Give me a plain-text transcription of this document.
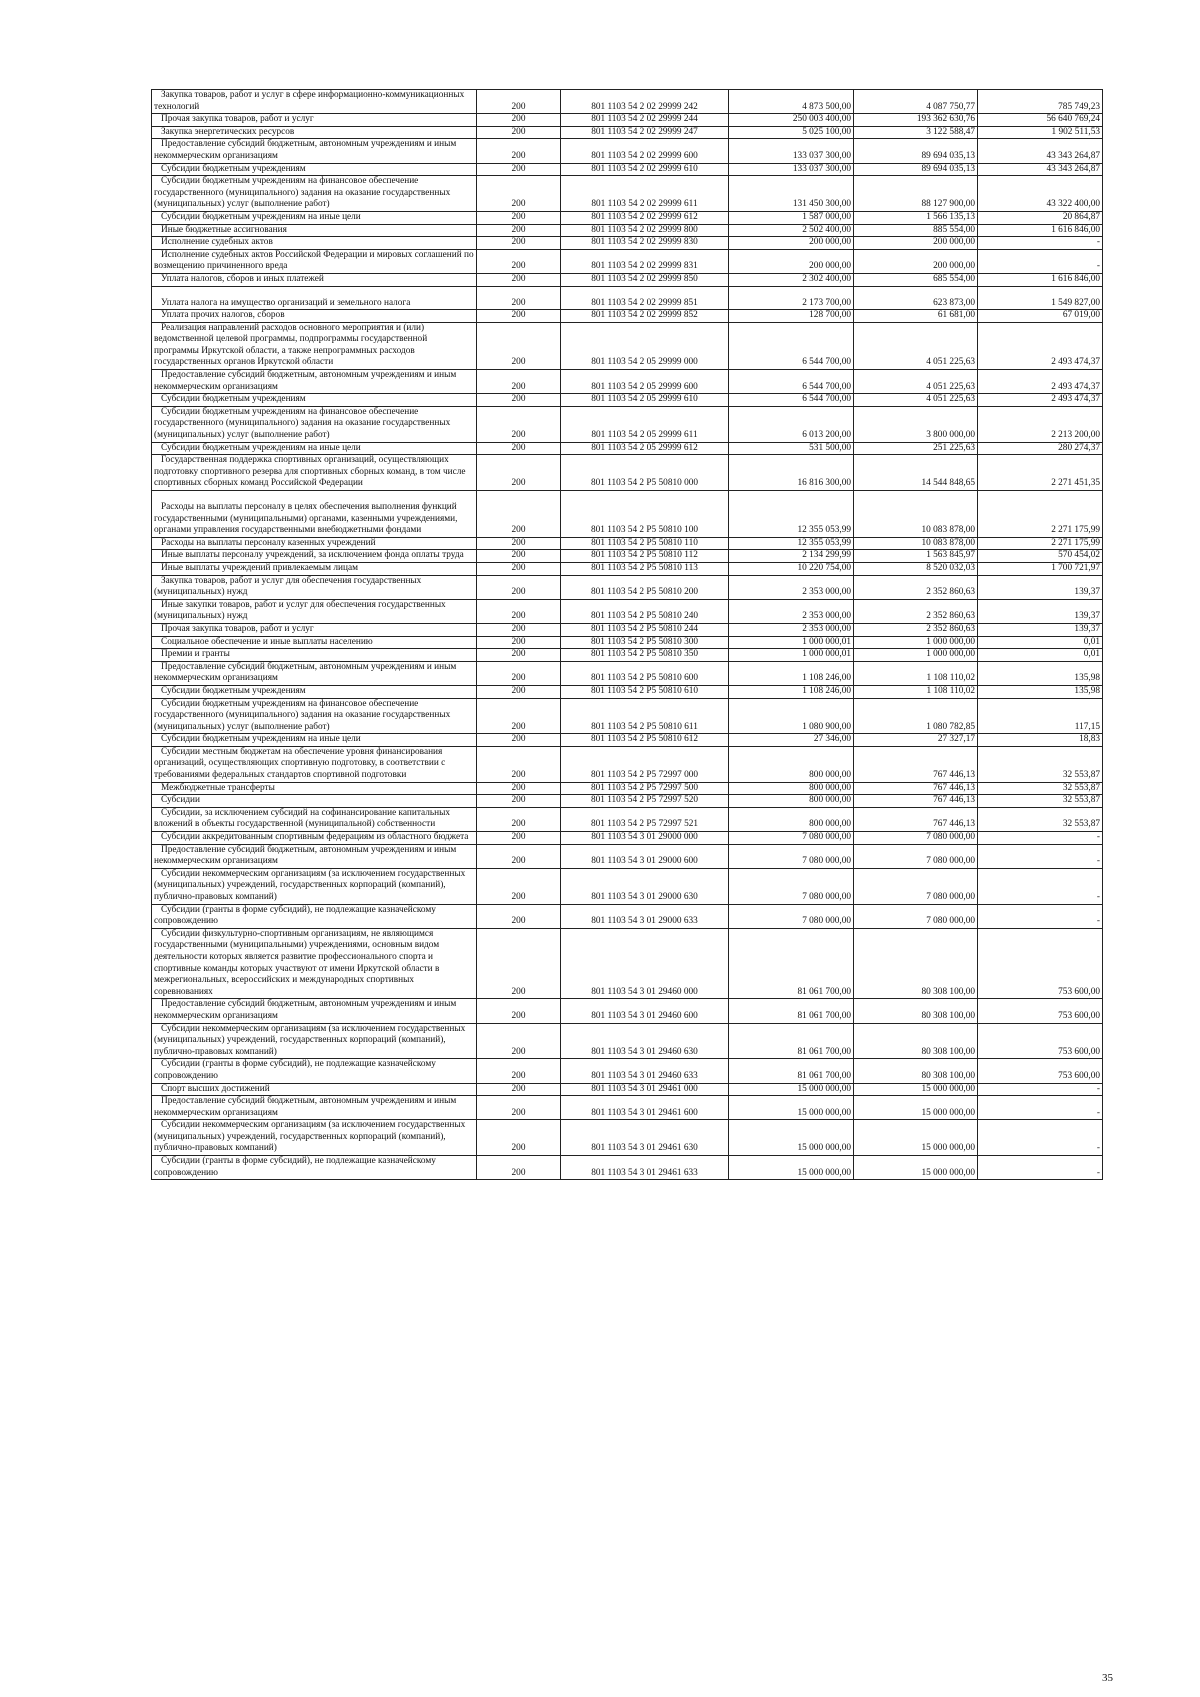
Закупка товаров, работ и услуг в сфере информационно-коммуникационных технологий	200	801 1103 54 2 02 29999 242	4 873 500,00	4 087 750,77	785 749,23

Прочая закупка товаров, работ и услуг	200	801 1103 54 2 02 29999 244	250 003 400,00	193 362 630,76	56 640 769,24

Закупка энергетических ресурсов	200	801 1103 54 2 02 29999 247	5 025 100,00	3 122 588,47	1 902 511,53

Предоставление субсидий бюджетным, автономным учреждениям и иным некоммерческим организациям	200	801 1103 54 2 02 29999 600	133 037 300,00	89 694 035,13	43 343 264,87

Субсидии бюджетным учреждениям	200	801 1103 54 2 02 29999 610	133 037 300,00	89 694 035,13	43 343 264,87

Субсидии бюджетным учреждениям на финансовое обеспечение государственного (муниципального) задания на оказание государственных (муниципальных) услуг (выполнение работ)	200	801 1103 54 2 02 29999 611	131 450 300,00	88 127 900,00	43 322 400,00

Субсидии бюджетным учреждениям на иные цели	200	801 1103 54 2 02 29999 612	1 587 000,00	1 566 135,13	20 864,87

Иные бюджетные ассигнования	200	801 1103 54 2 02 29999 800	2 502 400,00	885 554,00	1 616 846,00

Исполнение судебных актов	200	801 1103 54 2 02 29999 830	200 000,00	200 000,00	-

Исполнение судебных актов Российской Федерации и мировых соглашений по возмещению причиненного вреда	200	801 1103 54 2 02 29999 831	200 000,00	200 000,00	-

Уплата налогов, сборов и иных платежей	200	801 1103 54 2 02 29999 850	2 302 400,00	685 554,00	1 616 846,00

Уплата налога на имущество организаций и земельного налога	200	801 1103 54 2 02 29999 851	2 173 700,00	623 873,00	1 549 827,00

Уплата прочих налогов, сборов	200	801 1103 54 2 02 29999 852	128 700,00	61 681,00	67 019,00

Реализация направлений расходов основного мероприятия и (или) ведомственной целевой программы, подпрограммы государственной программы Иркутской области, а также непрограммных расходов государственных органов Иркутской области	200	801 1103 54 2 05 29999 000	6 544 700,00	4 051 225,63	2 493 474,37

Предоставление субсидий бюджетным, автономным учреждениям и иным некоммерческим организациям	200	801 1103 54 2 05 29999 600	6 544 700,00	4 051 225,63	2 493 474,37

Субсидии бюджетным учреждениям	200	801 1103 54 2 05 29999 610	6 544 700,00	4 051 225,63	2 493 474,37

Субсидии бюджетным учреждениям на финансовое обеспечение государственного (муниципального) задания на оказание государственных (муниципальных) услуг (выполнение работ)	200	801 1103 54 2 05 29999 611	6 013 200,00	3 800 000,00	2 213 200,00

Субсидии бюджетным учреждениям на иные цели	200	801 1103 54 2 05 29999 612	531 500,00	251 225,63	280 274,37

Государственная поддержка спортивных организаций, осуществляющих подготовку спортивного резерва для спортивных сборных команд, в том числе спортивных сборных команд Российской Федерации	200	801 1103 54 2 P5 50810 000	16 816 300,00	14 544 848,65	2 271 451,35

Расходы на выплаты персоналу в целях обеспечения выполнения функций государственными (муниципальными) органами, казенными учреждениями, органами управления государственными внебюджетными фондами	200	801 1103 54 2 P5 50810 100	12 355 053,99	10 083 878,00	2 271 175,99

Расходы на выплаты персоналу казенных учреждений	200	801 1103 54 2 P5 50810 110	12 355 053,99	10 083 878,00	2 271 175,99

Иные выплаты персоналу учреждений, за исключением фонда оплаты труда	200	801 1103 54 2 P5 50810 112	2 134 299,99	1 563 845,97	570 454,02

Иные выплаты учреждений привлекаемым лицам	200	801 1103 54 2 P5 50810 113	10 220 754,00	8 520 032,03	1 700 721,97

Закупка товаров, работ и услуг для обеспечения государственных (муниципальных) нужд	200	801 1103 54 2 P5 50810 200	2 353 000,00	2 352 860,63	139,37

Иные закупки товаров, работ и услуг для обеспечения государственных (муниципальных) нужд	200	801 1103 54 2 P5 50810 240	2 353 000,00	2 352 860,63	139,37

Прочая закупка товаров, работ и услуг	200	801 1103 54 2 P5 50810 244	2 353 000,00	2 352 860,63	139,37

Социальное обеспечение и иные выплаты населению	200	801 1103 54 2 P5 50810 300	1 000 000,01	1 000 000,00	0,01

Премии и гранты	200	801 1103 54 2 P5 50810 350	1 000 000,01	1 000 000,00	0,01

Предоставление субсидий бюджетным, автономным учреждениям и иным некоммерческим организациям	200	801 1103 54 2 P5 50810 600	1 108 246,00	1 108 110,02	135,98

Субсидии бюджетным учреждениям	200	801 1103 54 2 P5 50810 610	1 108 246,00	1 108 110,02	135,98

Субсидии бюджетным учреждениям на финансовое обеспечение государственного (муниципального) задания на оказание государственных (муниципальных) услуг (выполнение работ)	200	801 1103 54 2 P5 50810 611	1 080 900,00	1 080 782,85	117,15

Субсидии бюджетным учреждениям на иные цели	200	801 1103 54 2 P5 50810 612	27 346,00	27 327,17	18,83

Субсидии местным бюджетам на обеспечение уровня финансирования организаций, осуществляющих спортивную подготовку, в соответствии с требованиями федеральных стандартов спортивной подготовки	200	801 1103 54 2 P5 72997 000	800 000,00	767 446,13	32 553,87

Межбюджетные трансферты	200	801 1103 54 2 P5 72997 500	800 000,00	767 446,13	32 553,87

Субсидии	200	801 1103 54 2 P5 72997 520	800 000,00	767 446,13	32 553,87

Субсидии, за исключением субсидий на софинансирование капитальных вложений в объекты государственной (муниципальной) собственности	200	801 1103 54 2 P5 72997 521	800 000,00	767 446,13	32 553,87

Субсидии аккредитованным спортивным федерациям из областного бюджета	200	801 1103 54 3 01 29000 000	7 080 000,00	7 080 000,00	-

Предоставление субсидий бюджетным, автономным учреждениям и иным некоммерческим организациям	200	801 1103 54 3 01 29000 600	7 080 000,00	7 080 000,00	-

Субсидии некоммерческим организациям (за исключением государственных (муниципальных) учреждений, государственных корпораций (компаний), публично-правовых компаний)	200	801 1103 54 3 01 29000 630	7 080 000,00	7 080 000,00	-

Субсидии (гранты в форме субсидий), не подлежащие казначейскому сопровождению	200	801 1103 54 3 01 29000 633	7 080 000,00	7 080 000,00	-

Субсидии физкультурно-спортивным организациям, не являющимся государственными (муниципальными) учреждениями, основным видом деятельности которых является развитие профессионального спорта и спортивные команды которых участвуют от имени Иркутской области в межрегиональных, всероссийских и международных спортивных соревнованиях	200	801 1103 54 3 01 29460 000	81 061 700,00	80 308 100,00	753 600,00

Предоставление субсидий бюджетным, автономным учреждениям и иным некоммерческим организациям	200	801 1103 54 3 01 29460 600	81 061 700,00	80 308 100,00	753 600,00

Субсидии некоммерческим организациям (за исключением государственных (муниципальных) учреждений, государственных корпораций (компаний), публично-правовых компаний)	200	801 1103 54 3 01 29460 630	81 061 700,00	80 308 100,00	753 600,00

Субсидии (гранты в форме субсидий), не подлежащие казначейскому сопровождению	200	801 1103 54 3 01 29460 633	81 061 700,00	80 308 100,00	753 600,00

Спорт высших достижений	200	801 1103 54 3 01 29461 000	15 000 000,00	15 000 000,00	-

Предоставление субсидий бюджетным, автономным учреждениям и иным некоммерческим организациям	200	801 1103 54 3 01 29461 600	15 000 000,00	15 000 000,00	-

Субсидии некоммерческим организациям (за исключением государственных (муниципальных) учреждений, государственных корпораций (компаний), публично-правовых компаний)	200	801 1103 54 3 01 29461 630	15 000 000,00	15 000 000,00	-

Субсидии (гранты в форме субсидий), не подлежащие казначейскому сопровождению	200	801 1103 54 3 01 29461 633	15 000 000,00	15 000 000,00	-
35
